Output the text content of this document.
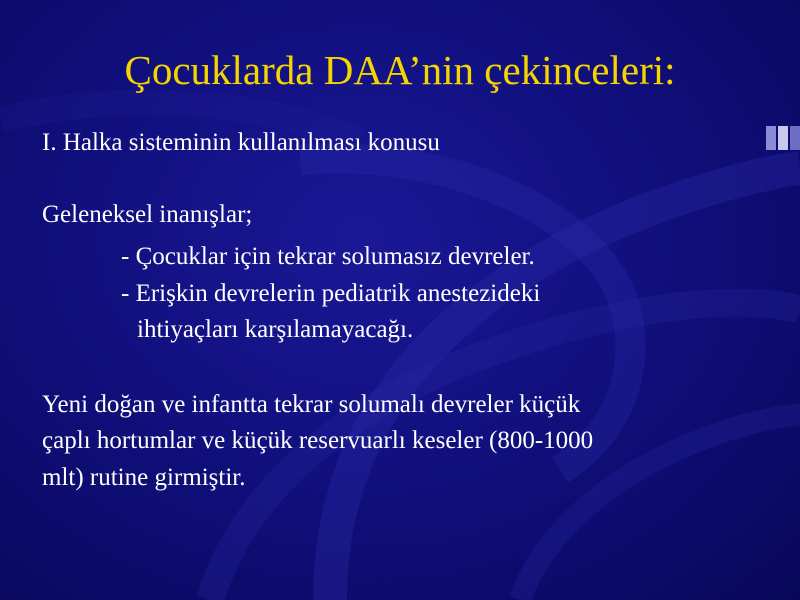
Çocuklarda DAA’nin çekinceleri:
I. Halka sisteminin kullanılması konusu
Geleneksel inanışlar;
- Çocuklar için tekrar solumasız devreler.
- Erişkin devrelerin pediatrik anestezideki
ihtiyaçları karşılamayacağı.
Yeni doğan ve infantta tekrar solumalı devreler küçük
çaplı hortumlar ve küçük reservuarlı keseler (800-1000
mlt) rutine girmiştir.
